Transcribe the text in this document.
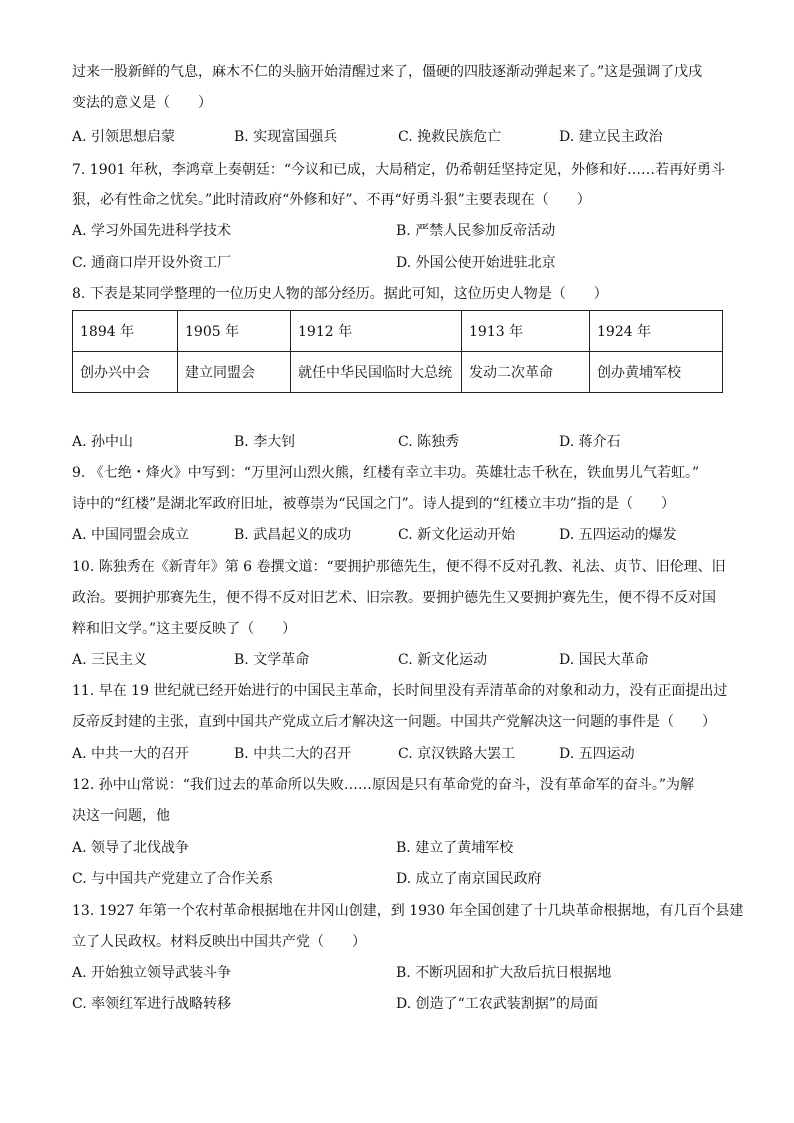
过来一股新鲜的气息，麻木不仁的头脑开始清醒过来了，僵硬的四肢逐渐动弹起来了。”这是强调了戊戌
变法的意义是（　　）
A. 引领思想启蒙	B. 实现富国强兵	C. 挽救民族危亡	D. 建立民主政治
7. 1901 年秋，李鸿章上奏朝廷：“今议和已成，大局稍定，仍希朝廷坚持定见，外修和好……若再好勇斗
狠，必有性命之忧矣。”此时清政府“外修和好”、不再“好勇斗狠”主要表现在（　　）
A. 学习外国先进科学技术	B. 严禁人民参加反帝活动
C. 通商口岸开设外资工厂	D. 外国公使开始进驻北京
8. 下表是某同学整理的一位历史人物的部分经历。据此可知，这位历史人物是（　　）
1894 年	1905 年	1912 年	1913 年	1924 年
创办兴中会	建立同盟会	就任中华民国临时大总统	发动二次革命	创办黄埔军校
A. 孙中山	B. 李大钊	C. 陈独秀	D. 蒋介石
9. 《七绝・烽火》中写到：“万里河山烈火熊，红楼有幸立丰功。英雄壮志千秋在，铁血男儿气若虹。”
诗中的“红楼”是湖北军政府旧址，被尊崇为“民国之门”。诗人提到的“红楼立丰功”指的是（　　）
A. 中国同盟会成立	B. 武昌起义的成功	C. 新文化运动开始	D. 五四运动的爆发
10. 陈独秀在《新青年》第 6 卷撰文道：“要拥护那德先生，便不得不反对孔教、礼法、贞节、旧伦理、旧
政治。要拥护那赛先生，便不得不反对旧艺术、旧宗教。要拥护德先生又要拥护赛先生，便不得不反对国
粹和旧文学。”这主要反映了（　　）
A. 三民主义	B. 文学革命	C. 新文化运动	D. 国民大革命
11. 早在 19 世纪就已经开始进行的中国民主革命，长时间里没有弄清革命的对象和动力，没有正面提出过
反帝反封建的主张，直到中国共产党成立后才解决这一问题。中国共产党解决这一问题的事件是（　　）
A. 中共一大的召开	B. 中共二大的召开	C. 京汉铁路大罢工	D. 五四运动
12. 孙中山常说：“我们过去的革命所以失败……原因是只有革命党的奋斗，没有革命军的奋斗。”为解
决这一问题，他
A. 领导了北伐战争	B. 建立了黄埔军校
C. 与中国共产党建立了合作关系	D. 成立了南京国民政府
13. 1927 年第一个农村革命根据地在井冈山创建，到 1930 年全国创建了十几块革命根据地，有几百个县建
立了人民政权。材料反映出中国共产党（　　）
A. 开始独立领导武装斗争	B. 不断巩固和扩大敌后抗日根据地
C. 率领红军进行战略转移	D. 创造了“工农武装割据”的局面
